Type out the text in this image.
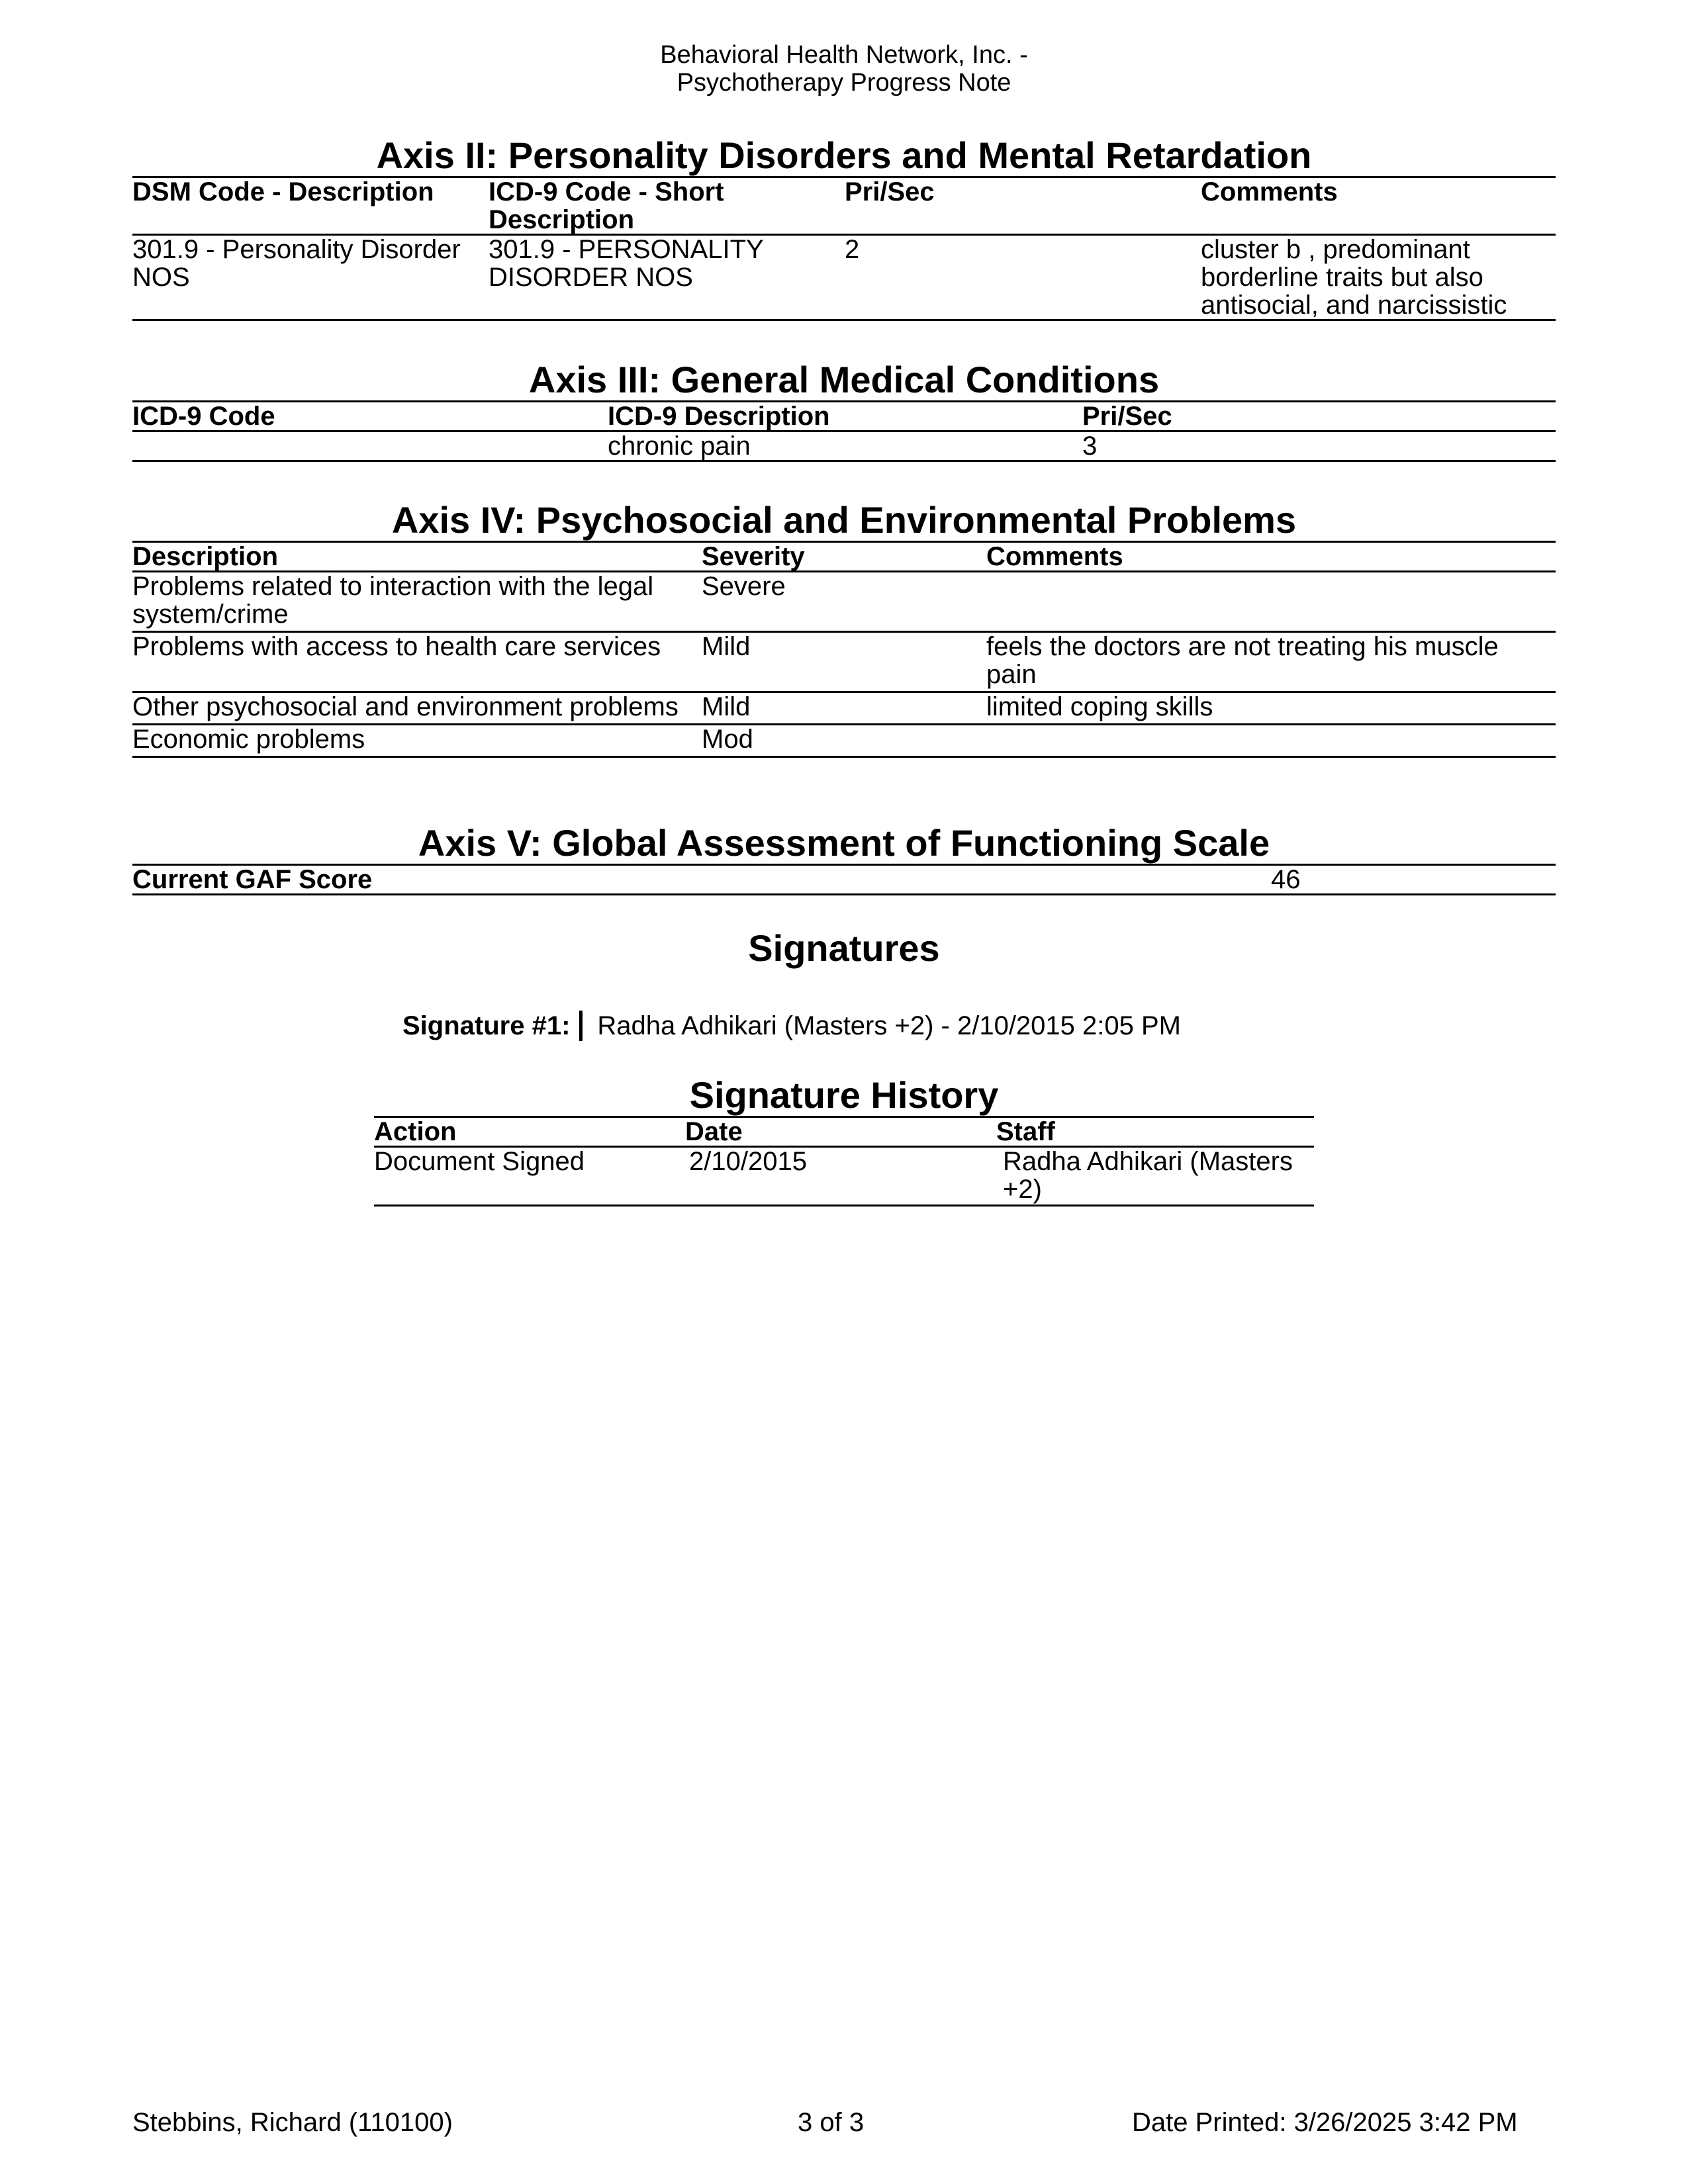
Behavioral Health Network, Inc. -
Psychotherapy Progress Note
Axis II: Personality Disorders and Mental Retardation
DSM Code - Description	ICD-9 Code - Short Description	Pri/Sec	Comments
301.9 - Personality Disorder NOS	301.9 - PERSONALITY DISORDER NOS	2	cluster b , predominant borderline traits but also antisocial, and narcissistic
Axis III: General Medical Conditions
ICD-9 Code	ICD-9 Description	Pri/Sec
	chronic pain	3
Axis IV: Psychosocial and Environmental Problems
Description	Severity	Comments
Problems related to interaction with the legal system/crime	Severe	
Problems with access to health care services	Mild	feels the doctors are not treating his muscle pain
Other psychosocial and environment problems	Mild	limited coping skills
Economic problems	Mod	
Axis V: Global Assessment of Functioning Scale
Current GAF Score	46
Signatures
Signature #1: Radha Adhikari (Masters +2) - 2/10/2015 2:05 PM
Signature History
Action	Date	Staff
Document Signed	2/10/2015	Radha Adhikari (Masters +2)
Stebbins, Richard (110100)	3 of 3	Date Printed: 3/26/2025 3:42 PM
